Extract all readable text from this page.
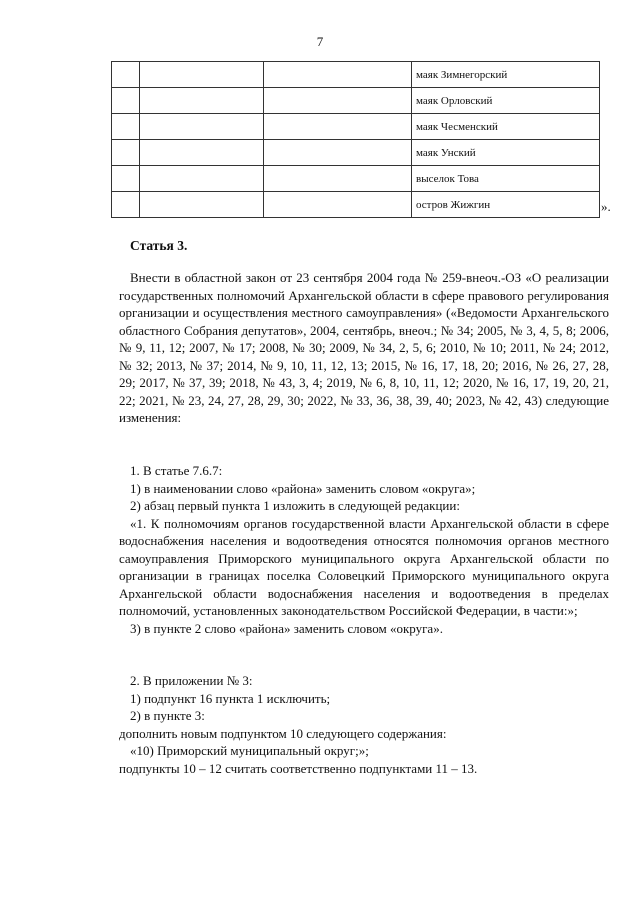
7
			маяк Зимнегорский
			маяк Орловский
			маяк Чесменский
			маяк Унский
			выселок Това
			остров Жижгин	».
Статья 3.

Внести в областной закон от 23 сентября 2004 года № 259-внеоч.-ОЗ «О реализации государственных полномочий Архангельской области в сфере правового регулирования организации и осуществления местного самоуправления» («Ведомости Архангельского областного Собрания депутатов», 2004, сентябрь, внеоч.; № 34; 2005, № 3, 4, 5, 8; 2006, № 9, 11, 12; 2007, № 17; 2008, № 30; 2009, № 34, 2, 5, 6; 2010, № 10; 2011, № 24; 2012, № 32; 2013, № 37; 2014, № 9, 10, 11, 12, 13; 2015, № 16, 17, 18, 20; 2016, № 26, 27, 28, 29; 2017, № 37, 39; 2018, № 43, 3, 4; 2019, № 6, 8, 10, 11, 12; 2020, № 16, 17, 19, 20, 21, 22; 2021, № 23, 24, 27, 28, 29, 30; 2022, № 33, 36, 38, 39, 40; 2023, № 42, 43) следующие изменения:

1. В статье 7.6.7:

1) в наименовании слово «района» заменить словом «округа»;

2) абзац первый пункта 1 изложить в следующей редакции:

«1. К полномочиям органов государственной власти Архангельской области в сфере водоснабжения населения и водоотведения относятся полномочия органов местного самоуправления Приморского муниципального округа Архангельской области по организации в границах поселка Соловецкий Приморского муниципального округа Архангельской области водоснабжения населения и водоотведения в пределах полномочий, установленных законодательством Российской Федерации, в части:»;

3) в пункте 2 слово «района» заменить словом «округа».

2. В приложении № 3:

1) подпункт 16 пункта 1 исключить;

2) в пункте 3:

дополнить новым подпунктом 10 следующего содержания:

«10) Приморский муниципальный округ;»;

подпункты 10 – 12 считать соответственно подпунктами 11 – 13.
